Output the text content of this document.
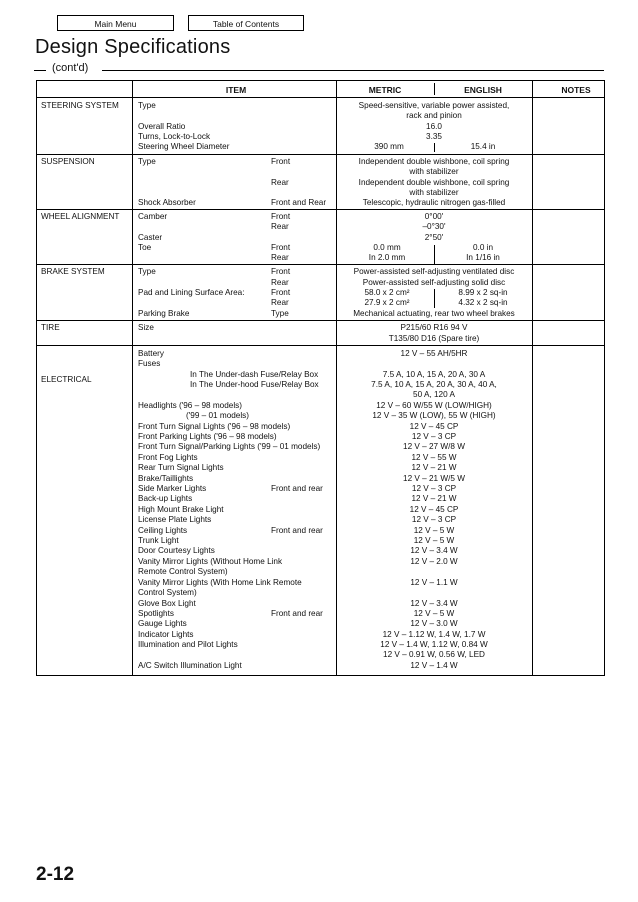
Main Menu	Table of Contents
Design Specifications
(cont'd)
ITEM	METRIC	ENGLISH	NOTES
STEERING SYSTEM Type	Speed-sensitive, variable power assisted,
rack and pinion
Overall Ratio	16.0
Turns, Lock-to-Lock	3.35
Steering Wheel Diameter	390 mm	15.4 in
SUSPENSION	Type	Front	Independent double wishbone, coil spring
with stabilizer
Rear	Independent double wishbone, coil spring
with stabilizer
Shock Absorber	Front and Rear	Telescopic, hydraulic nitrogen gas-filled
WHEEL ALIGNMENT Camber	Front	0°00'
Rear	–0°30'
Caster	2°50'
Toe	Front	0.0 mm	0.0 in
Rear	In 2.0 mm	In 1/16 in
BRAKE SYSTEM	Type	Front	Power-assisted self-adjusting ventilated disc
Rear	Power-assisted self-adjusting solid disc
Pad and Lining Surface Area:	Front	58.0 x 2 cm²	8.99 x 2 sq-in
Rear	27.9 x 2 cm²	4.32 x 2 sq-in
Parking Brake	Type	Mechanical actuating, rear two wheel brakes
TIRE	Size	P215/60 R16 94 V
T135/80 D16 (Spare tire)
ELECTRICAL
Battery	12 V – 55 AH/5HR
Fuses
In The Under-dash Fuse/Relay Box	7.5 A, 10 A, 15 A, 20 A, 30 A
In The Under-hood Fuse/Relay Box	7.5 A, 10 A, 15 A, 20 A, 30 A, 40 A,
50 A, 120 A
Headlights ('96 – 98 models)	12 V – 60 W/55 W (LOW/HIGH)
('99 – 01 models)	12 V – 35 W (LOW), 55 W (HIGH)
Front Turn Signal Lights ('96 – 98 models)	12 V – 45 CP
Front Parking Lights ('96 – 98 models)	12 V – 3 CP
Front Turn Signal/Parking Lights ('99 – 01 models)	12 V – 27 W/8 W
Front Fog Lights	12 V – 55 W
Rear Turn Signal Lights	12 V – 21 W
Brake/Taillights	12 V – 21 W/5 W
Side Marker Lights	Front and rear	12 V – 3 CP
Back-up Lights	12 V – 21 W
High Mount Brake Light	12 V – 45 CP
License Plate Lights	12 V – 3 CP
Ceiling Lights	Front and rear	12 V – 5 W
Trunk Light	12 V – 5 W
Door Courtesy Lights	12 V – 3.4 W
Vanity Mirror Lights (Without Home Link	12 V – 2.0 W
Remote Control System)
Vanity Mirror Lights (With Home Link Remote	12 V – 1.1 W
Control System)
Glove Box Light	12 V – 3.4 W
Spotlights	Front and rear	12 V – 5 W
Gauge Lights	12 V – 3.0 W
Indicator Lights	12 V – 1.12 W, 1.4 W, 1.7 W
Illumination and Pilot Lights	12 V – 1.4 W, 1.12 W, 0.84 W
12 V – 0.91 W, 0.56 W, LED
A/C Switch Illumination Light	12 V – 1.4 W
2-12
